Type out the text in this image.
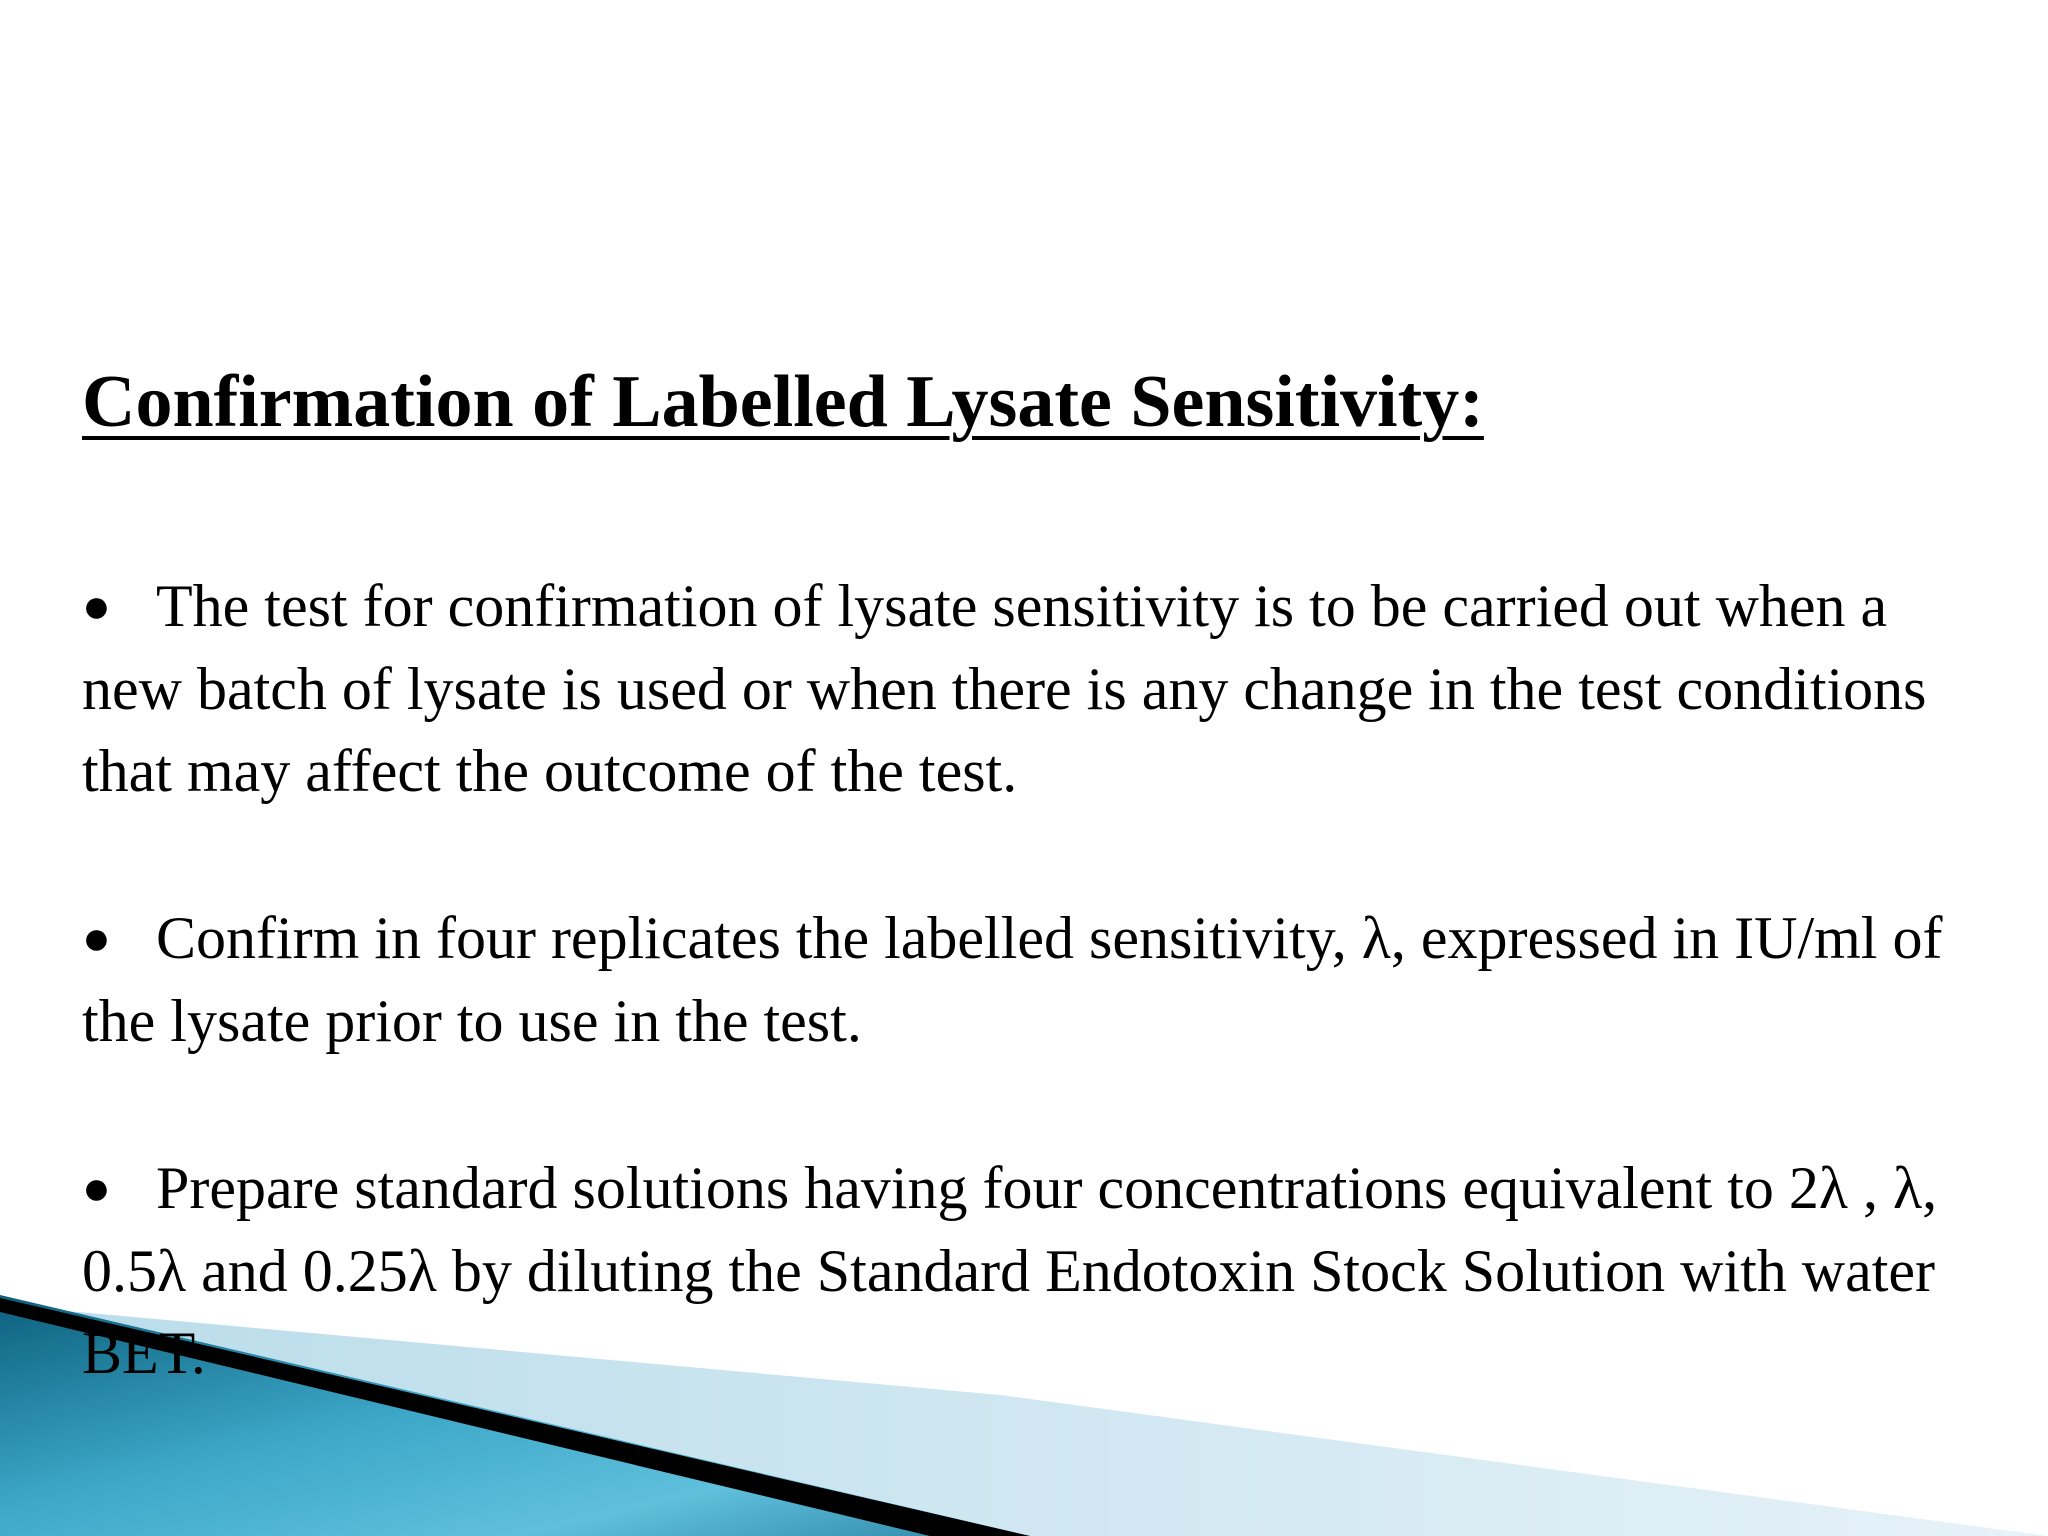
Confirmation of Labelled Lysate Sensitivity:
● The test for confirmation of lysate sensitivity is to be carried out when a new batch of lysate is used or when there is any change in the test conditions that may affect the outcome of the test.
● Confirm in four replicates the labelled sensitivity, λ, expressed in IU/ml of the lysate prior to use in the test.
● Prepare standard solutions having four concentrations equivalent to 2λ , λ, 0.5λ and 0.25λ by diluting the Standard Endotoxin Stock Solution with water BET.
